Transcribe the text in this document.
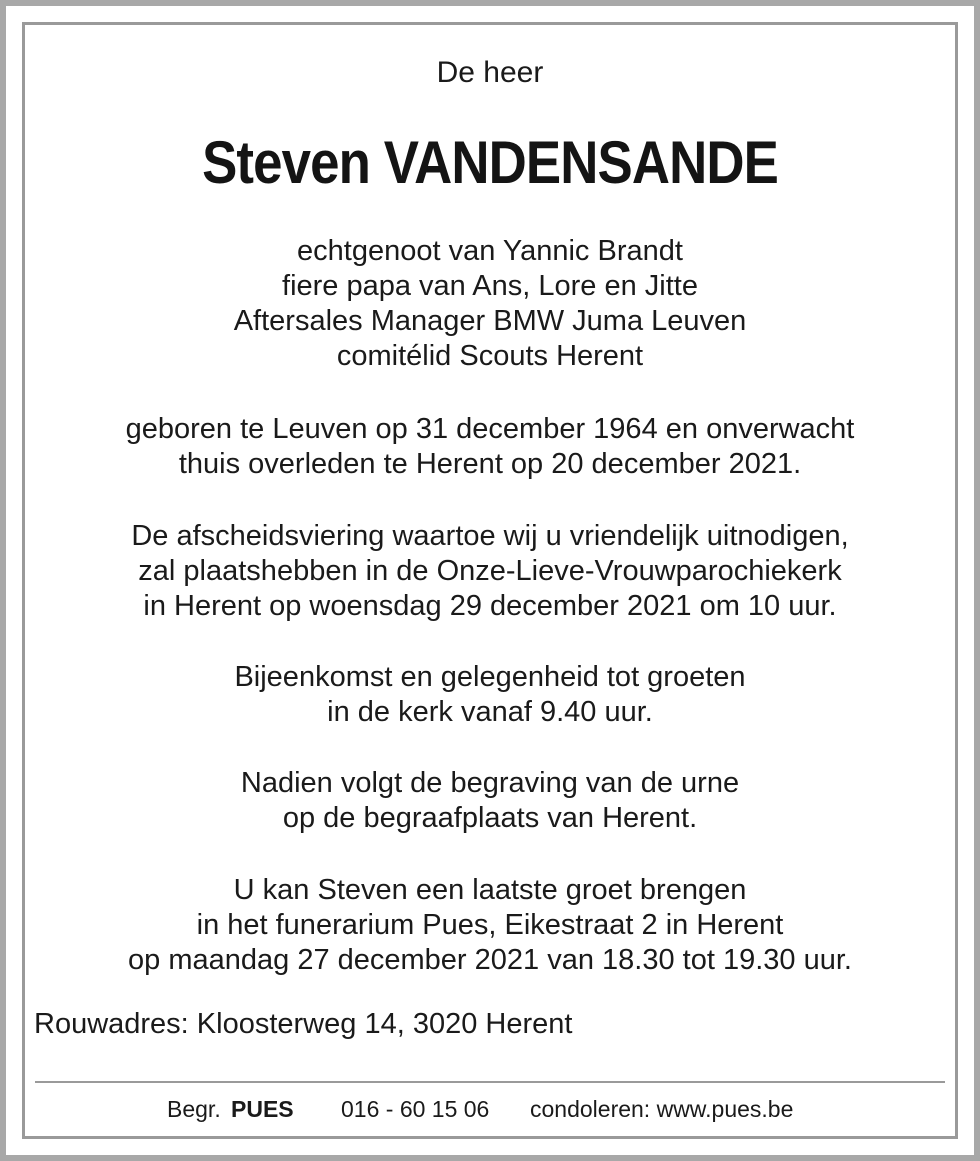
De heer
Steven VANDENSANDE
echtgenoot van Yannic Brandt
fiere papa van Ans, Lore en Jitte
Aftersales Manager BMW Juma Leuven
comitélid Scouts Herent
geboren te Leuven op 31 december 1964 en onverwacht
thuis overleden te Herent op 20 december 2021.
De afscheidsviering waartoe wij u vriendelijk uitnodigen,
zal plaatshebben in de Onze-Lieve-Vrouwparochiekerk
in Herent op woensdag 29 december 2021 om 10 uur.
Bijeenkomst en gelegenheid tot groeten
in de kerk vanaf 9.40 uur.
Nadien volgt de begraving van de urne
op de begraafplaats van Herent.
U kan Steven een laatste groet brengen
in het funerarium Pues, Eikestraat 2 in Herent
op maandag 27 december 2021 van 18.30 tot 19.30 uur.
Rouwadres: Kloosterweg 14, 3020 Herent
Begr. PUES 016 - 60 15 06 condoleren: www.pues.be
